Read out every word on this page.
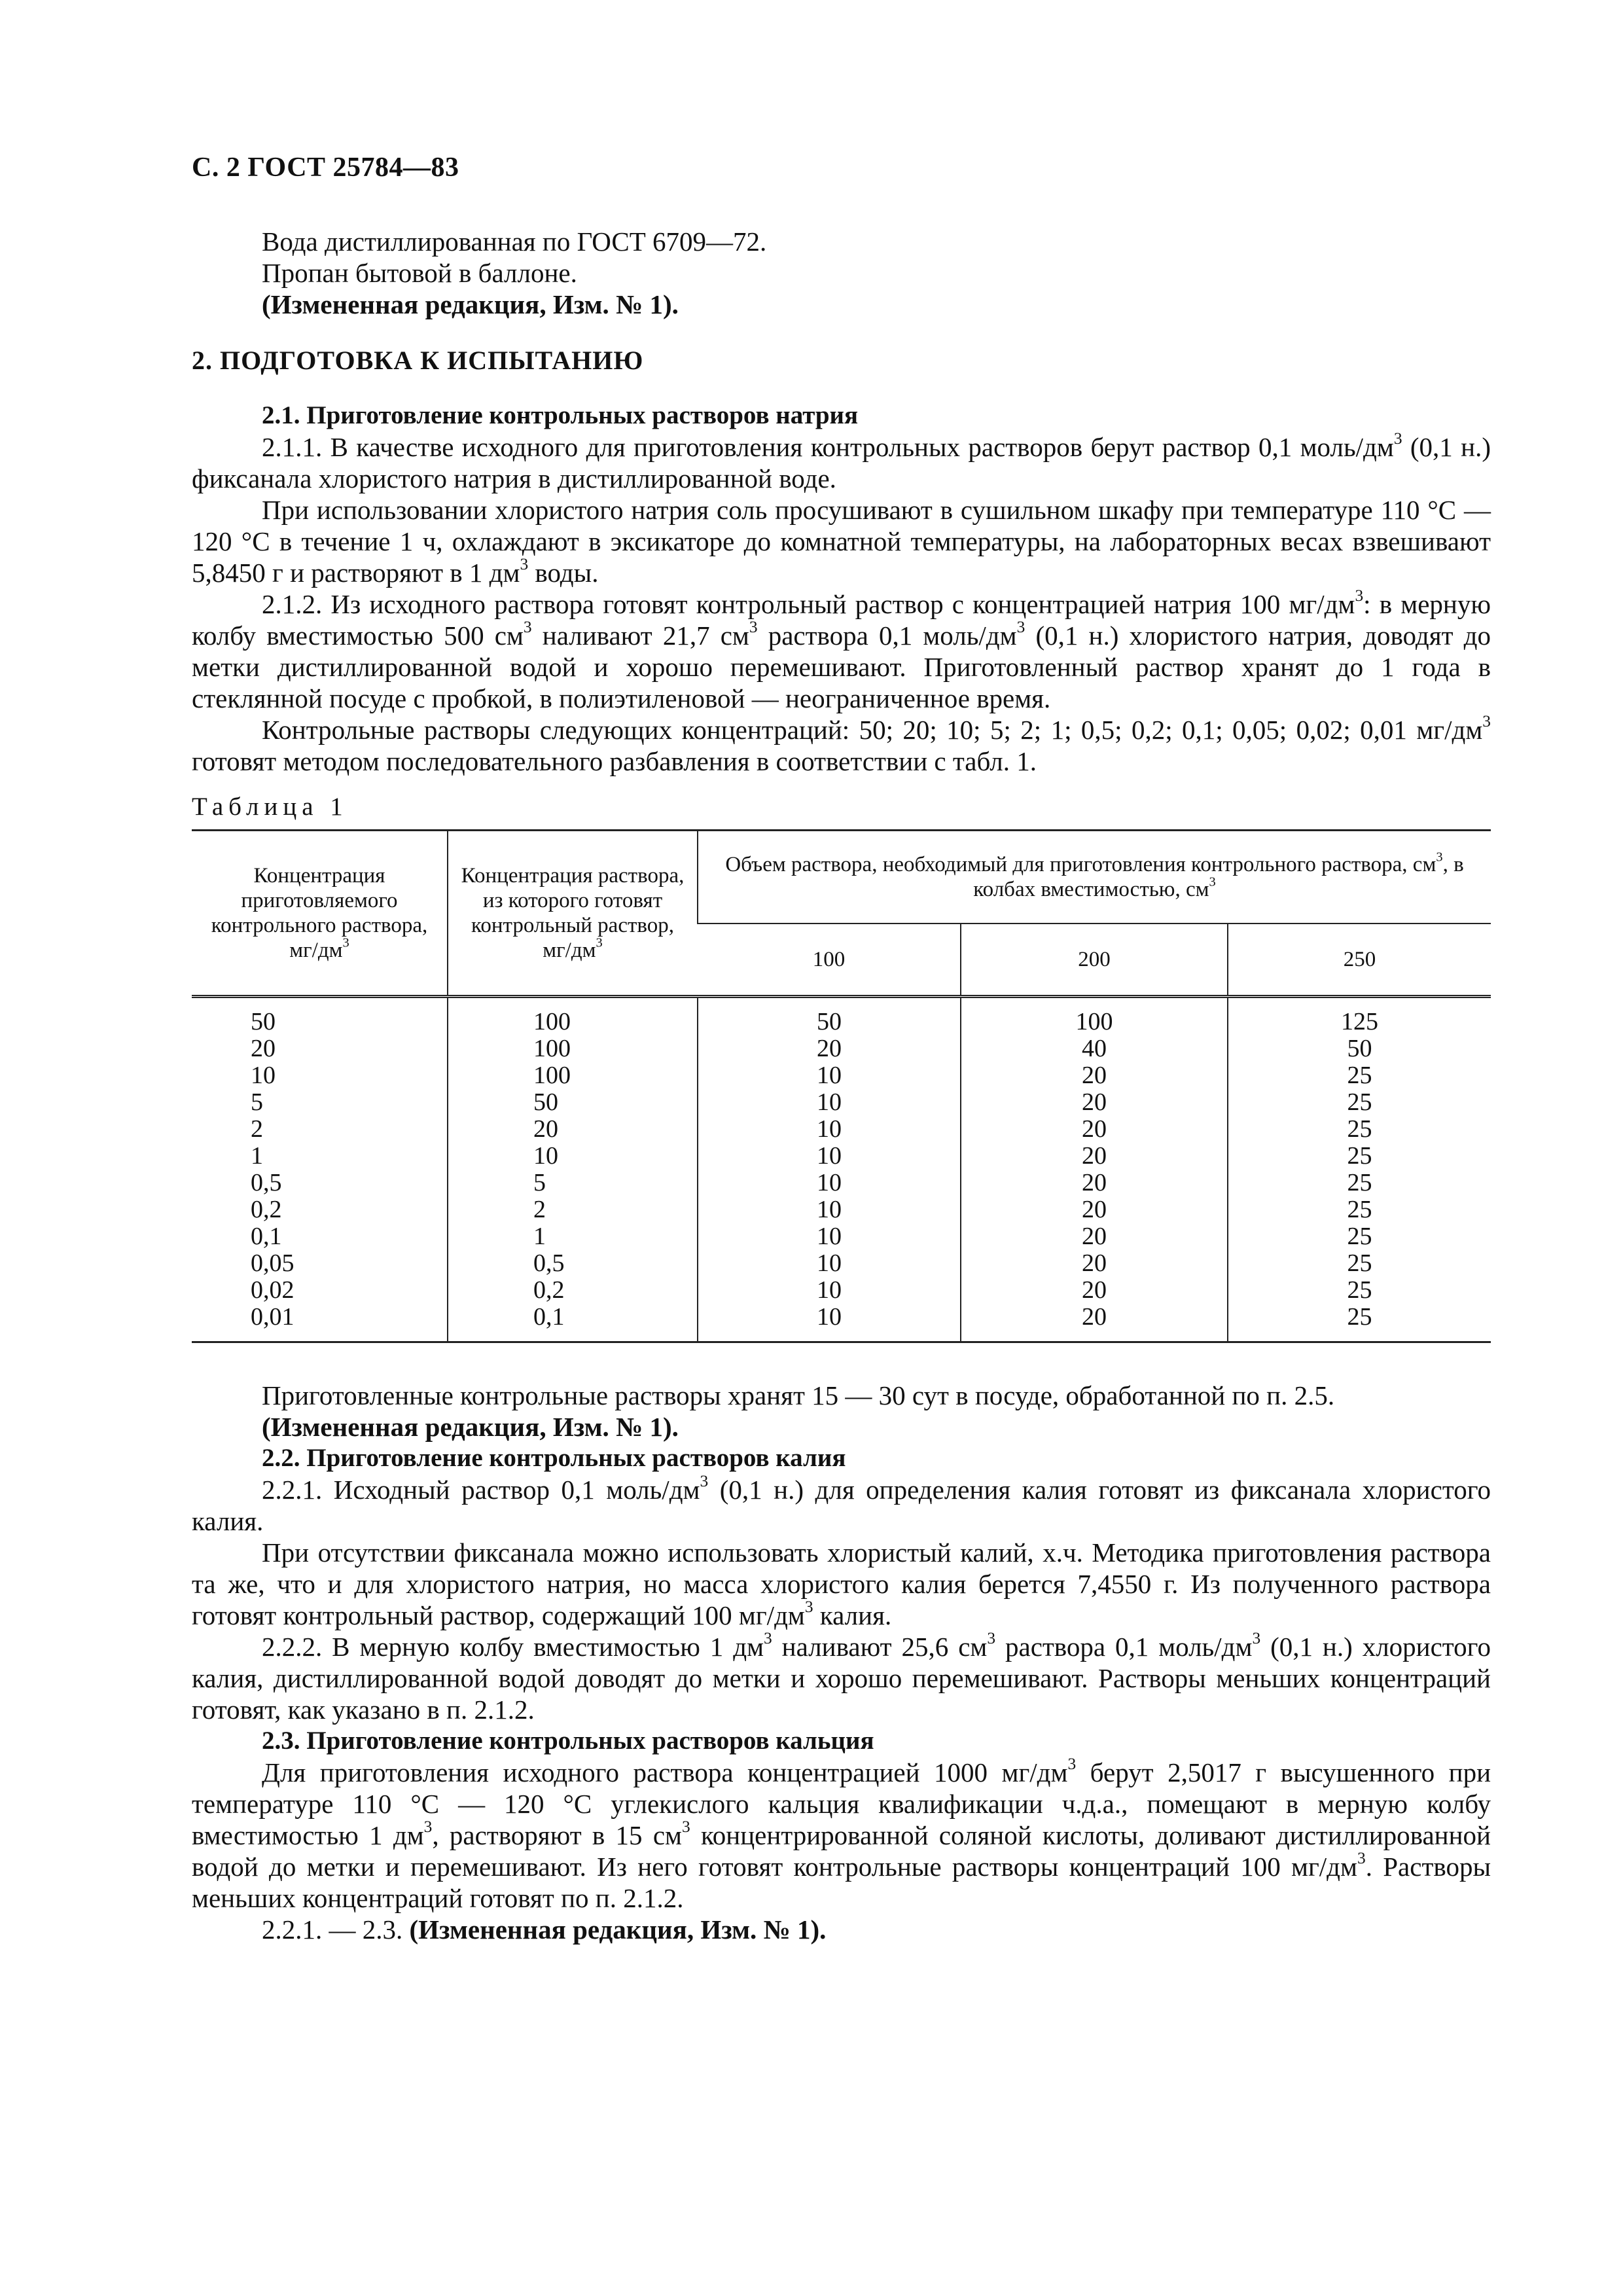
С. 2 ГОСТ 25784—83

Вода дистиллированная по ГОСТ 6709—72.

Пропан бытовой в баллоне.

(Измененная редакция, Изм. № 1).

2. ПОДГОТОВКА К ИСПЫТАНИЮ

2.1. Приготовление контрольных растворов натрия

2.1.1. В качестве исходного для приготовления контрольных растворов берут раствор 0,1 моль/$дм^3$ (0,1 н.) фиксанала хлористого натрия в дистиллированной воде.

При использовании хлористого натрия соль просушивают в сушильном шкафу при температуре 110 °С — 120 °С в течение 1 ч, охлаждают в эксикаторе до комнатной температуры, на лабораторных весах взвешивают 5,8450 г и растворяют в 1 $дм^3$ воды.

2.1.2. Из исходного раствора готовят контрольный раствор с концентрацией натрия 100 $мг/дм^3$: в мерную колбу вместимостью 500 $см^3$ наливают 21,7 $см^3$ раствора 0,1 моль/$дм^3$ (0,1 н.) хлористого натрия, доводят до метки дистиллированной водой и хорошо перемешивают. Приготовленный раствор хранят до 1 года в стеклянной посуде с пробкой, в полиэтиленовой — неограниченное время.

Контрольные растворы следующих концентраций: 50; 20; 10; 5; 2; 1; 0,5; 0,2; 0,1; 0,05; 0,02; 0,01 $мг/дм^3$ готовят методом последовательного разбавления в соответствии с табл. 1.

Таблица 1

Концентрация приготовляемого контрольного раствора, $мг/дм^3$	Концентрация раствора, из которого готовят контрольный раствор, $мг/дм^3$	Объем раствора, необходимый для приготовления контрольного раствора, $см^3$, в колбах вместимостью, $см^3$
		100	200	250
50	100	50	100	125
20	100	20	40	50
10	100	10	20	25
5	50	10	20	25
2	20	10	20	25
1	10	10	20	25
0,5	5	10	20	25
0,2	2	10	20	25
0,1	1	10	20	25
0,05	0,5	10	20	25
0,02	0,2	10	20	25
0,01	0,1	10	20	25

Приготовленные контрольные растворы хранят 15 — 30 сут в посуде, обработанной по п. 2.5.

(Измененная редакция, Изм. № 1).

2.2. Приготовление контрольных растворов калия

2.2.1. Исходный раствор 0,1 моль/$дм^3$ (0,1 н.) для определения калия готовят из фиксанала хлористого калия.

При отсутствии фиксанала можно использовать хлористый калий, х.ч. Методика приготовления раствора та же, что и для хлористого натрия, но масса хлористого калия берется 7,4550 г. Из полученного раствора готовят контрольный раствор, содержащий 100 $мг/дм^3$ калия.

2.2.2. В мерную колбу вместимостью 1 $дм^3$ наливают 25,6 $см^3$ раствора 0,1 моль/$дм^3$ (0,1 н.) хлористого калия, дистиллированной водой доводят до метки и хорошо перемешивают. Растворы меньших концентраций готовят, как указано в п. 2.1.2.

2.3. Приготовление контрольных растворов кальция

Для приготовления исходного раствора концентрацией 1000 $мг/дм^3$ берут 2,5017 г высушенного при температуре 110 °С — 120 °С углекислого кальция квалификации ч.д.а., помещают в мерную колбу вместимостью 1 $дм^3$, растворяют в 15 $см^3$ концентрированной соляной кислоты, доливают дистиллированной водой до метки и перемешивают. Из него готовят контрольные растворы концентраций 100 $мг/дм^3$. Растворы меньших концентраций готовят по п. 2.1.2.

2.2.1. — 2.3. (Измененная редакция, Изм. № 1).
